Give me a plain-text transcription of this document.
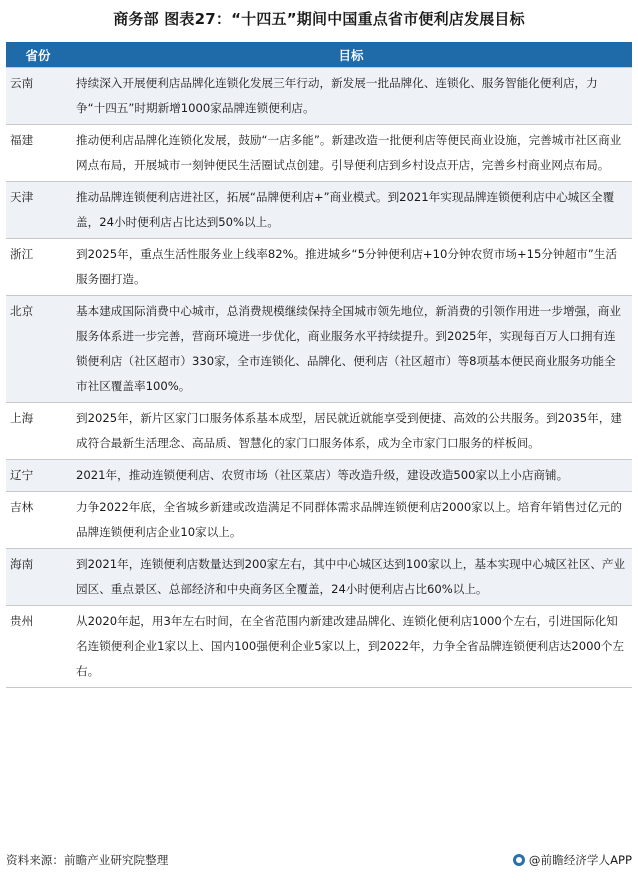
商务部 图表27：“十四五”期间中国重点省市便利店发展目标
省份	目标
云南	持续深入开展便利店品牌化连锁化发展三年行动，新发展一批品牌化、连锁化、服务智能化便利店，力争“十四五”时期新增1000家品牌连锁便利店。
福建	推动便利店品牌化连锁化发展，鼓励“一店多能”。新建改造一批便利店等便民商业设施，完善城市社区商业网点布局，开展城市一刻钟便民生活圈试点创建。引导便利店到乡村设点开店，完善乡村商业网点布局。
天津	推动品牌连锁便利店进社区，拓展“品牌便利店+”商业模式。到2021年实现品牌连锁便利店中心城区全覆盖，24小时便利店占比达到50%以上。
浙江	到2025年，重点生活性服务业上线率82%。推进城乡“5分钟便利店+10分钟农贸市场+15分钟超市”生活服务圈打造。
北京	基本建成国际消费中心城市，总消费规模继续保持全国城市领先地位，新消费的引领作用进一步增强，商业服务体系进一步完善，营商环境进一步优化，商业服务水平持续提升。到2025年，实现每百万人口拥有连锁便利店（社区超市）330家，全市连锁化、品牌化、便利店（社区超市）等8项基本便民商业服务功能全市社区覆盖率100%。
上海	到2025年，新片区家门口服务体系基本成型，居民就近就能享受到便捷、高效的公共服务。到2035年，建成符合最新生活理念、高品质、智慧化的家门口服务体系，成为全市家门口服务的样板间。
辽宁	2021年，推动连锁便利店、农贸市场（社区菜店）等改造升级，建设改造500家以上小店商铺。
吉林	力争2022年底，全省城乡新建或改造满足不同群体需求品牌连锁便利店2000家以上。培育年销售过亿元的品牌连锁便利店企业10家以上。
海南	到2021年，连锁便利店数量达到200家左右，其中中心城区达到100家以上，基本实现中心城区社区、产业园区、重点景区、总部经济和中央商务区全覆盖，24小时便利店占比60%以上。
贵州	从2020年起，用3年左右时间，在全省范围内新建改建品牌化、连锁化便利店1000个左右，引进国际化知名连锁便利企业1家以上、国内100强便利企业5家以上，到2022年，力争全省品牌连锁便利店达2000个左右。
资料来源：前瞻产业研究院整理	@前瞻经济学人APP
